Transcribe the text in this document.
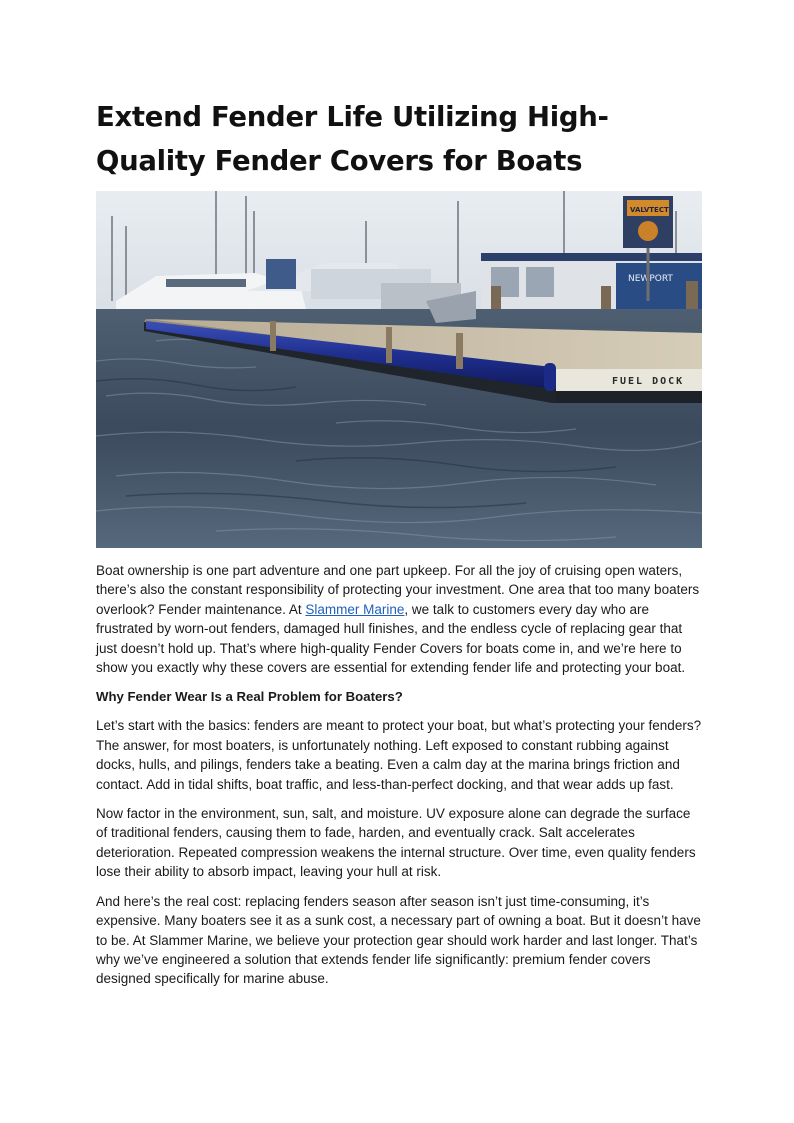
Extend Fender Life Utilizing High-Quality Fender Covers for Boats
NEWPORT
VALVTECT
FUEL DOCK

Boat ownership is one part adventure and one part upkeep. For all the joy of cruising open waters, there’s also the constant responsibility of protecting your investment. One area that too many boaters overlook? Fender maintenance. At Slammer Marine, we talk to customers every day who are frustrated by worn-out fenders, damaged hull finishes, and the endless cycle of replacing gear that just doesn’t hold up. That’s where high-quality Fender Covers for boats come in, and we’re here to show you exactly why these covers are essential for extending fender life and protecting your boat.

Why Fender Wear Is a Real Problem for Boaters?

Let’s start with the basics: fenders are meant to protect your boat, but what’s protecting your fenders? The answer, for most boaters, is unfortunately nothing. Left exposed to constant rubbing against docks, hulls, and pilings, fenders take a beating. Even a calm day at the marina brings friction and contact. Add in tidal shifts, boat traffic, and less-than-perfect docking, and that wear adds up fast.

Now factor in the environment, sun, salt, and moisture. UV exposure alone can degrade the surface of traditional fenders, causing them to fade, harden, and eventually crack. Salt accelerates deterioration. Repeated compression weakens the internal structure. Over time, even quality fenders lose their ability to absorb impact, leaving your hull at risk.

And here’s the real cost: replacing fenders season after season isn’t just time-consuming, it’s expensive. Many boaters see it as a sunk cost, a necessary part of owning a boat. But it doesn’t have to be. At Slammer Marine, we believe your protection gear should work harder and last longer. That’s why we’ve engineered a solution that extends fender life significantly: premium fender covers designed specifically for marine abuse.
